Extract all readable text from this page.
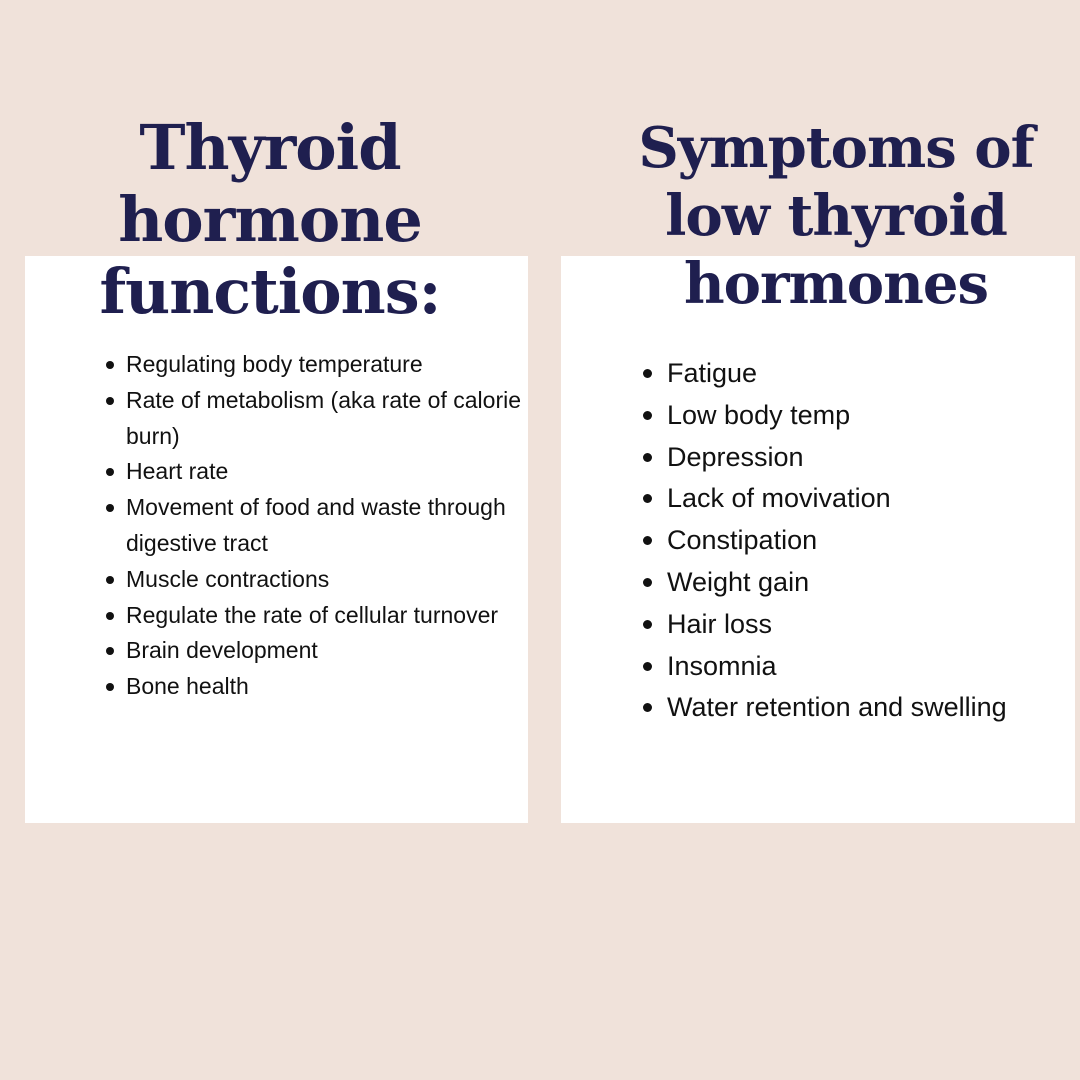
Thyroid
hormone
functions:
Symptoms of
low thyroid
hormones
Regulating body temperature
Rate of metabolism (aka rate of calorie burn)
Heart rate
Movement of food and waste through digestive tract
Muscle contractions
Regulate the rate of cellular turnover
Brain development
Bone health
Fatigue
Low body temp
Depression
Lack of movivation
Constipation
Weight gain
Hair loss
Insomnia
Water retention and swelling
